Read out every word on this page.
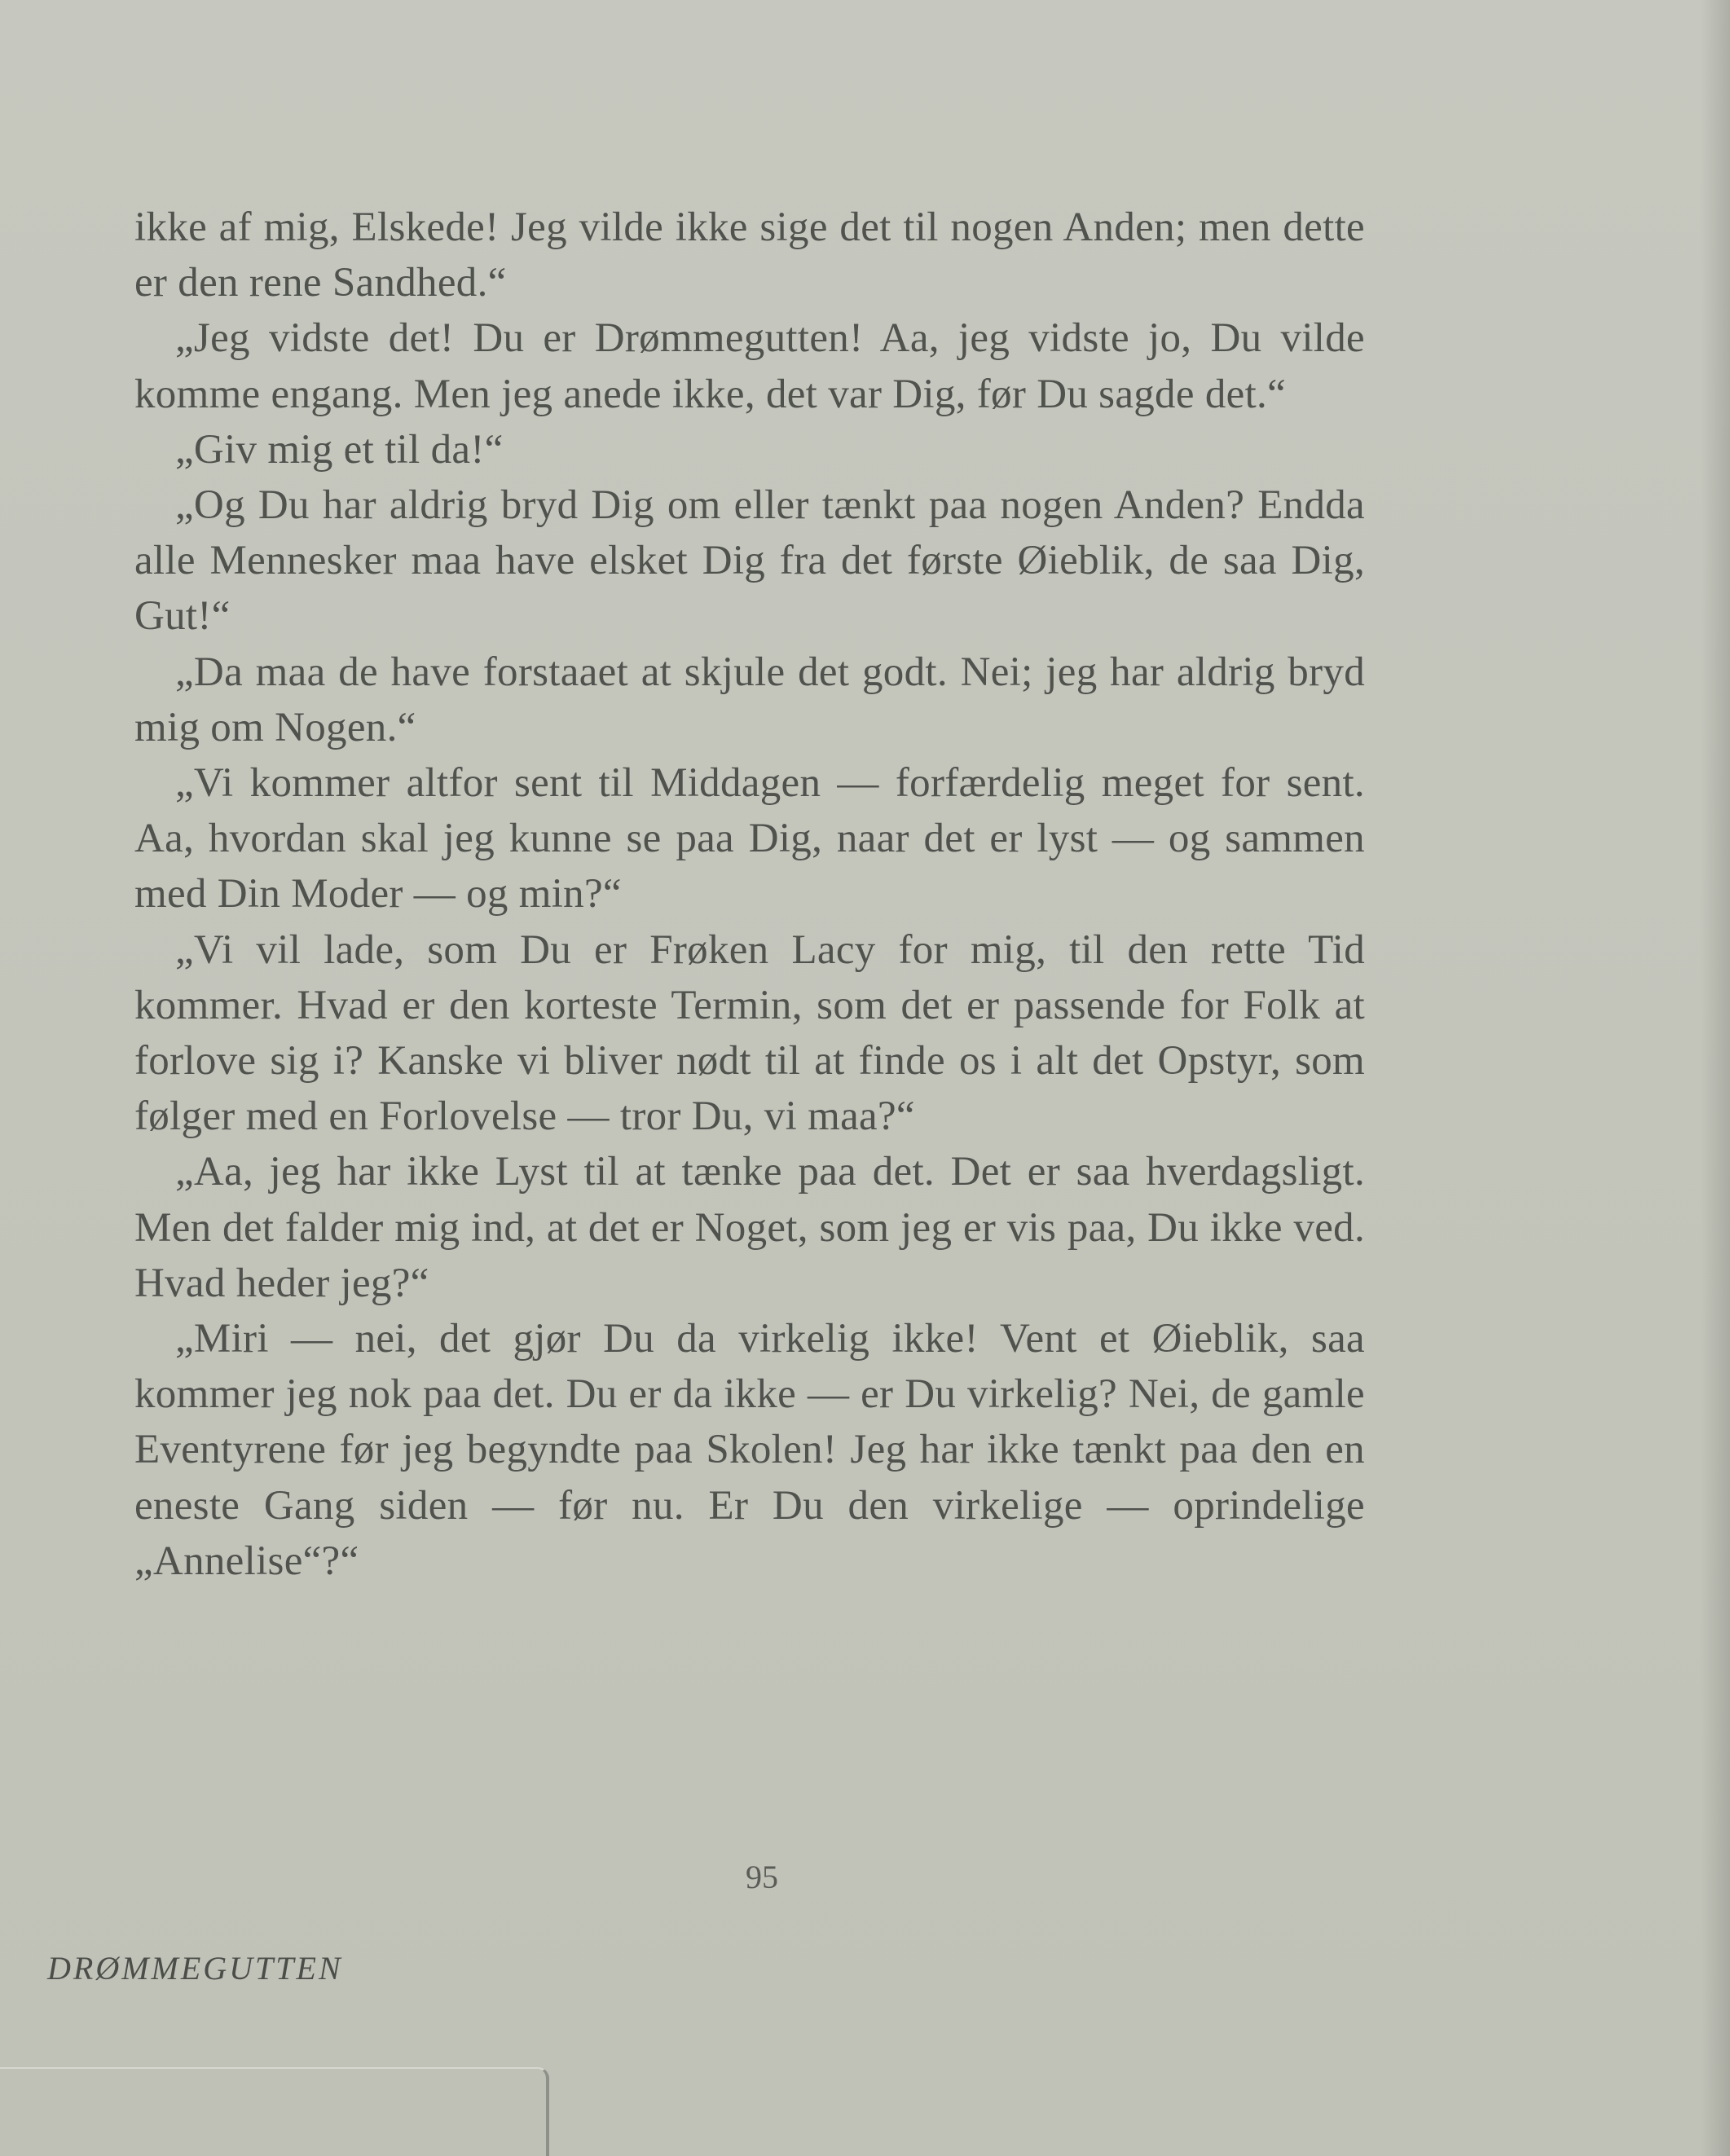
ikke af mig, Elskede! Jeg vilde ikke sige det til nogen Anden; men dette er den rene Sandhed.“

„Jeg vidste det! Du er Drømmegutten! Aa, jeg vidste jo, Du vilde komme engang. Men jeg anede ikke, det var Dig, før Du sagde det.“

„Giv mig et til da!“

„Og Du har aldrig bryd Dig om eller tænkt paa nogen Anden? Endda alle Mennesker maa have elsket Dig fra det første Øieblik, de saa Dig, Gut!“

„Da maa de have forstaaet at skjule det godt. Nei; jeg har aldrig bryd mig om Nogen.“

„Vi kommer altfor sent til Middagen — forfærdelig meget for sent. Aa, hvordan skal jeg kunne se paa Dig, naar det er lyst — og sammen med Din Moder — og min?“

„Vi vil lade, som Du er Frøken Lacy for mig, til den rette Tid kommer. Hvad er den korteste Termin, som det er passende for Folk at forlove sig i? Kanske vi bliver nødt til at finde os i alt det Opstyr, som følger med en Forlovelse — tror Du, vi maa?“

„Aa, jeg har ikke Lyst til at tænke paa det. Det er saa hverdagsligt. Men det falder mig ind, at det er Noget, som jeg er vis paa, Du ikke ved. Hvad heder jeg?“

„Miri — nei, det gjør Du da virkelig ikke! Vent et Øieblik, saa kommer jeg nok paa det. Du er da ikke — er Du virkelig? Nei, de gamle Eventyrene før jeg begyndte paa Skolen! Jeg har ikke tænkt paa den en eneste Gang siden — før nu. Er Du den virkelige — oprindelige „Annelise“?“

95
DRØMMEGUTTEN
